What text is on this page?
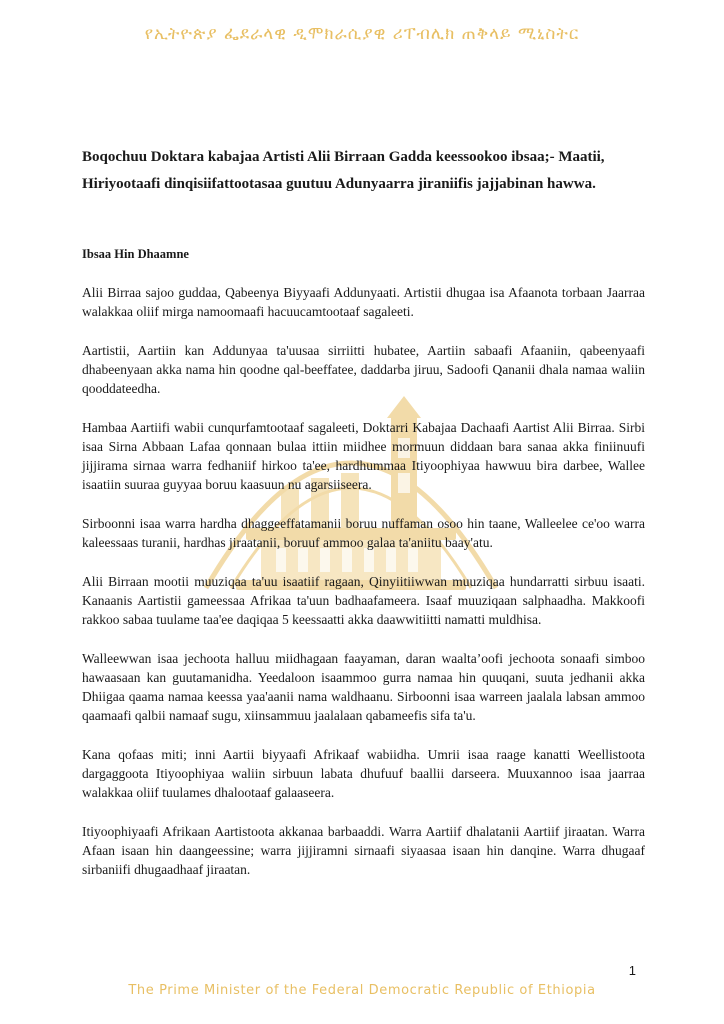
የኢትዮጵያ ፌደራላዊ ዲሞክራሲያዊ ሪፐብሊክ ጠቅላይ ሚኒስትር
Boqochuu Doktara kabajaa Artisti Alii Birraan Gadda keessookoo ibsaa;- Maatii, Hiriyootaafi dinqisiifattootasaa guutuu Adunyaarra jiraniifis jajjabinan hawwa.
Ibsaa Hin Dhaamne

Alii Birraa sajoo guddaa, Qabeenya Biyyaafi Addunyaati. Artistii dhugaa isa Afaanota torbaan Jaarraa walakkaa oliif mirga namoomaafi hacuucamtootaaf sagaleeti.

Aartistii, Aartiin kan Addunyaa ta'uusaa sirriitti hubatee, Aartiin sabaafi Afaaniin, qabeenyaafi dhabeenyaan akka nama hin qoodne qal-beeffatee, daddarba jiruu, Sadoofi Qananii dhala namaa waliin qooddateedha.

Hambaa Aartiifi wabii cunqurfamtootaaf sagaleeti, Doktarri Kabajaa Dachaafi Aartist Alii Birraa. Sirbi isaa Sirna Abbaan Lafaa qonnaan bulaa ittiin miidhee mormuun diddaan bara sanaa akka finiinuufi jijjirama sirnaa warra fedhaniif hirkoo ta'ee, hardhummaa Itiyoophiyaa hawwuu bira darbee, Wallee isaatiin suuraa guyyaa boruu kaasuun nu agarsiiseera.

Sirboonni isaa warra hardha dhaggeeffatamanii boruu nuffaman osoo hin taane, Walleelee ce'oo warra kaleessaas turanii, hardhas jiraatanii, boruuf ammoo galaa ta'aniitu baay'atu.

Alii Birraan mootii muuziqaa ta'uu isaatiif ragaan, Qinyiitiiwwan muuziqaa hundarratti sirbuu isaati. Kanaanis Aartistii gameessaa Afrikaa ta'uun badhaafameera. Isaaf muuziqaan salphaadha. Makkoofi rakkoo sabaa tuulame taa'ee daqiqaa 5 keessaatti akka daawwitiitti namatti muldhisa.

Walleewwan isaa jechoota halluu miidhagaan faayaman, daran waalta’oofi jechoota sonaafi simboo hawaasaan kan guutamanidha. Yeedaloon isaammoo gurra namaa hin quuqani, suuta jedhanii akka Dhiigaa qaama namaa keessa yaa'aanii nama waldhaanu. Sirboonni isaa warreen jaalala labsan ammoo qaamaafi qalbii namaaf sugu, xiinsammuu jaalalaan qabameefis sifa ta'u.

Kana qofaas miti; inni Aartii biyyaafi Afrikaaf wabiidha. Umrii isaa raage kanatti Weellistoota dargaggoota Itiyoophiyaa waliin sirbuun labata dhufuuf baallii darseera. Muuxannoo isaa jaarraa walakkaa oliif tuulames dhalootaaf galaaseera.

Itiyoophiyaafi Afrikaan Aartistoota akkanaa barbaaddi. Warra Aartiif dhalatanii Aartiif jiraatan. Warra Afaan isaan hin daangeessine; warra jijjiramni sirnaafi siyaasaa isaan hin danqine. Warra dhugaaf sirbaniifi dhugaadhaaf jiraatan.

1
The Prime Minister of the Federal Democratic Republic of Ethiopia
